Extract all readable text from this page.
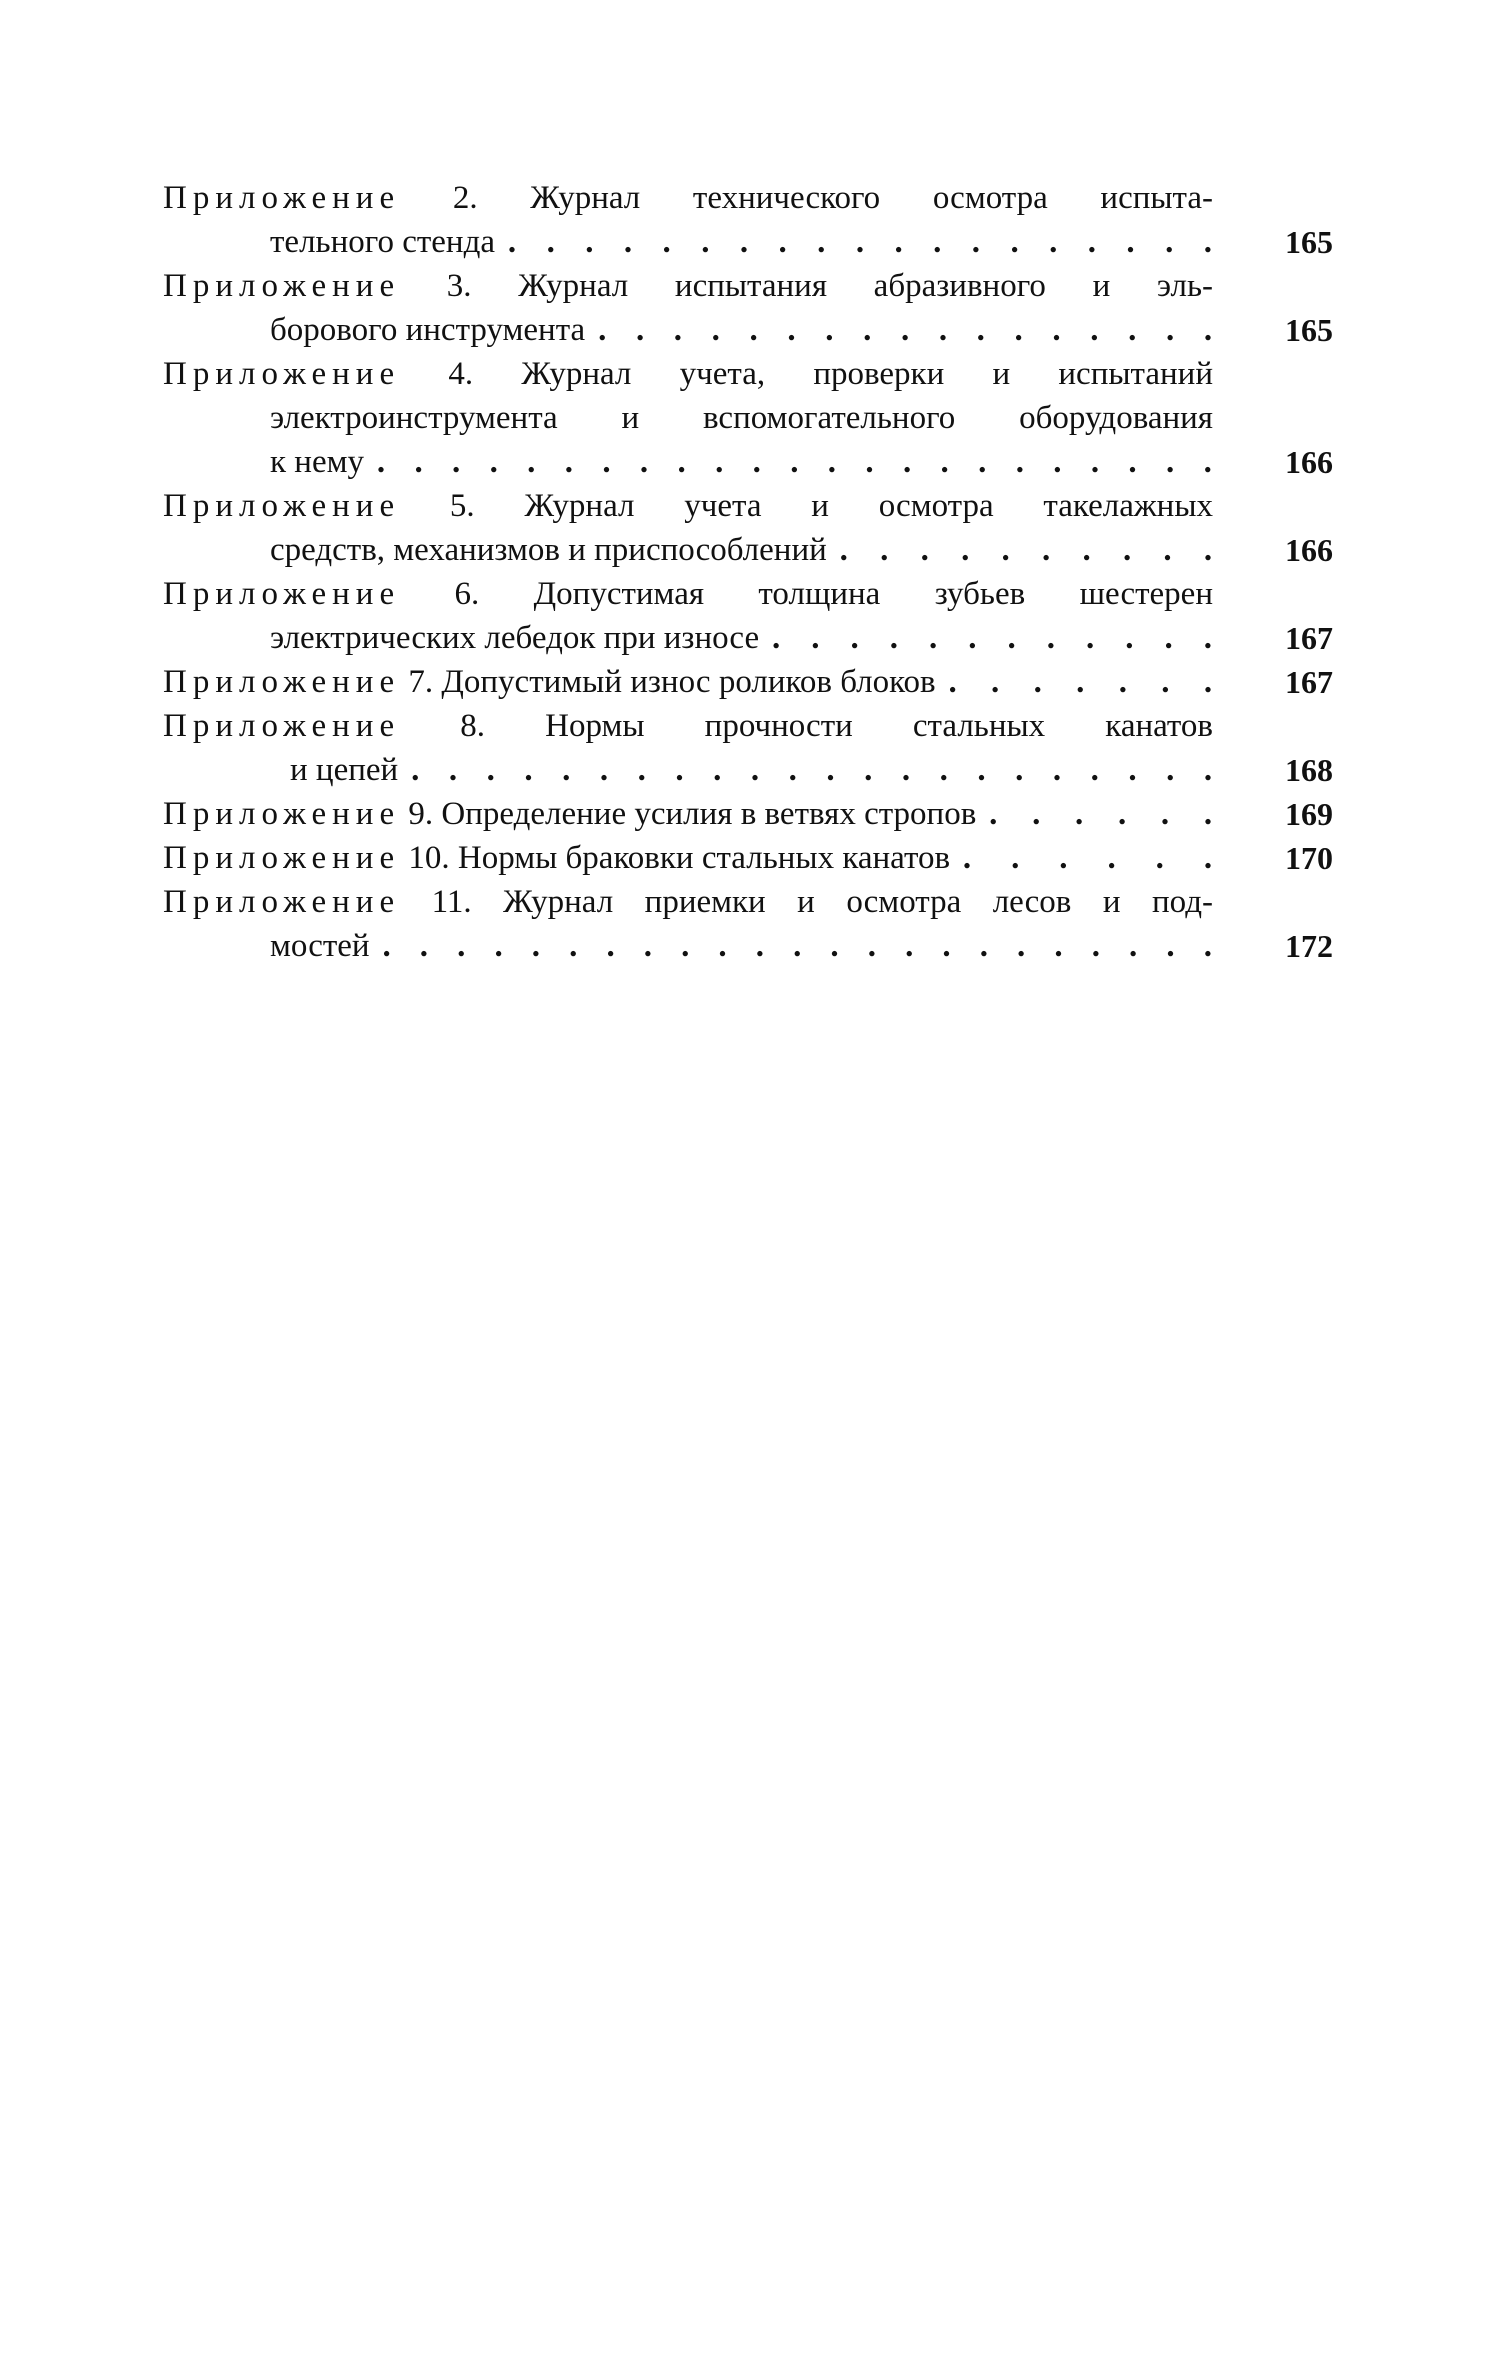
Приложение 2. Журнал технического осмотра испыта-
тельного стенда . . . . . . . . . . . . . . . . . . .	165
Приложение 3. Журнал испытания абразивного и эль-
борового инструмента . . . . . . . . . . . . . . . . .	165
Приложение 4. Журнал учета, проверки и испытаний
электроинструмента и вспомогательного оборудования
к нему . . . . . . . . . . . . . . . . . . . . . . .	166
Приложение 5. Журнал учета и осмотра такелажных
средств, механизмов и приспособлений . . . . . . . . . .	166
Приложение 6. Допустимая толщина зубьев шестерен
электрических лебедок при износе . . . . . . . . . . . .	167
Приложение 7. Допустимый износ роликов блоков . . . . . . .	167
Приложение 8. Нормы прочности стальных канатов
и цепей . . . . . . . . . . . . . . . . . . . . . .	168
Приложение 9. Определение усилия в ветвях стропов . . . . . .	169
Приложение 10. Нормы браковки стальных канатов . . . . . .	170
Приложение 11. Журнал приемки и осмотра лесов и под-
мостей . . . . . . . . . . . . . . . . . . . . . . .	172
